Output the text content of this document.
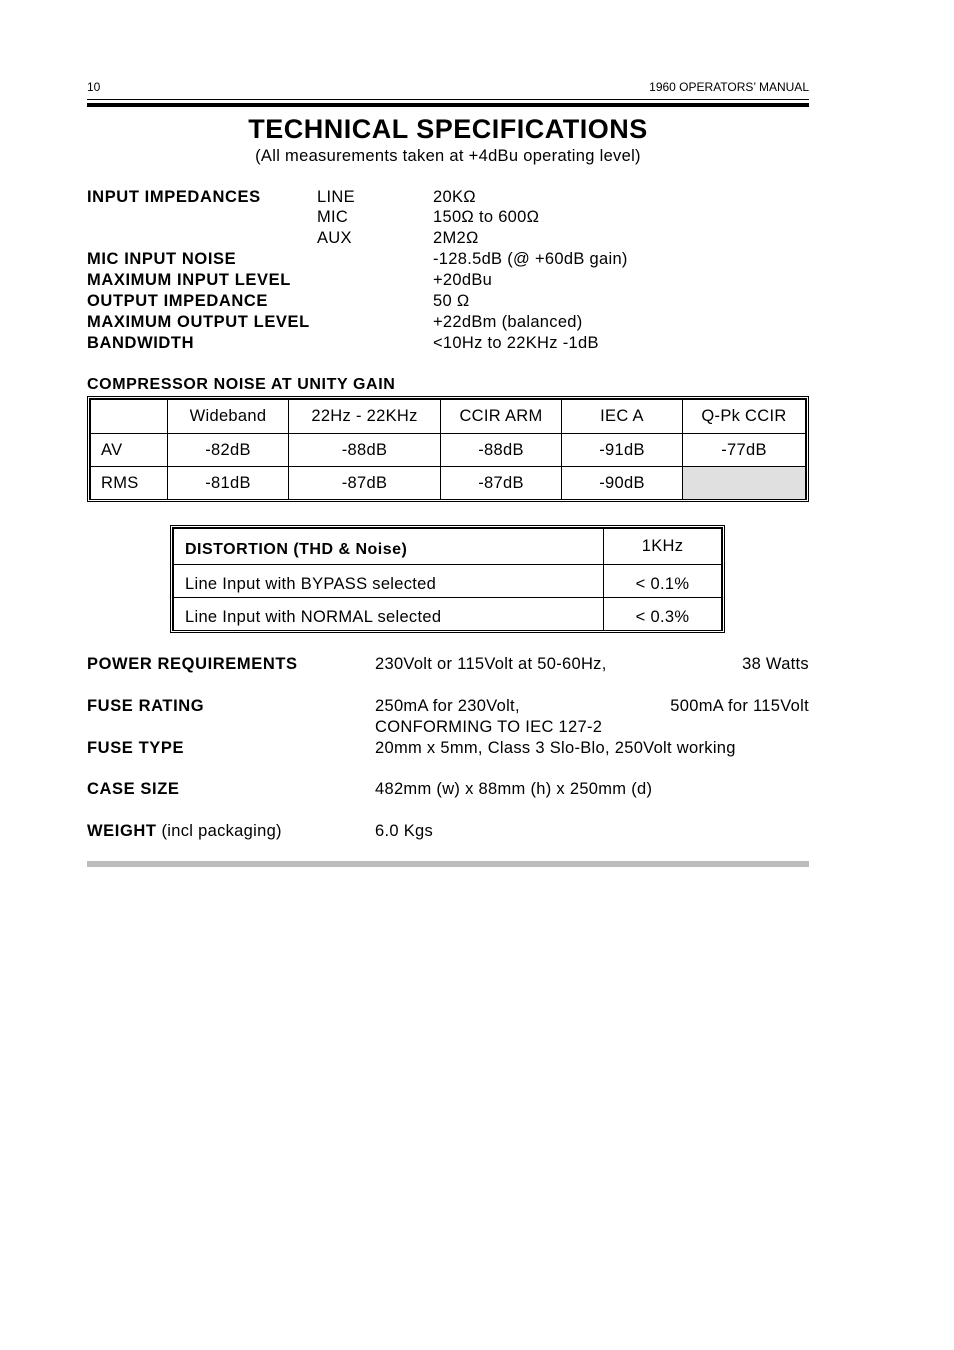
10	1960 OPERATORS’ MANUAL
TECHNICAL SPECIFICATIONS
(All measurements taken at +4dBu operating level)
INPUT IMPEDANCES	LINE	20KΩ
MIC	150Ω to 600Ω
AUX	2M2Ω
MIC INPUT NOISE	-128.5dB (@ +60dB gain)
MAXIMUM INPUT LEVEL	+20dBu
OUTPUT IMPEDANCE	50 Ω
MAXIMUM OUTPUT LEVEL	+22dBm (balanced)
BANDWIDTH	<10Hz to 22KHz -1dB
COMPRESSOR NOISE AT UNITY GAIN
	Wideband	22Hz - 22KHz	CCIR ARM	IEC A	Q-Pk CCIR
AV	-82dB	-88dB	-88dB	-91dB	-77dB
RMS	-81dB	-87dB	-87dB	-90dB	
DISTORTION (THD & Noise)	1KHz
Line Input with BYPASS selected	< 0.1%
Line Input with NORMAL selected	< 0.3%
POWER REQUIREMENTS	230Volt or 115Volt at 50-60Hz,	38 Watts
FUSE RATING	250mA for 230Volt,	500mA for 115Volt
CONFORMING TO IEC 127-2
FUSE TYPE	20mm x 5mm, Class 3 Slo-Blo, 250Volt working
CASE SIZE	482mm (w) x 88mm (h) x 250mm (d)
WEIGHT (incl packaging)	6.0 Kgs
